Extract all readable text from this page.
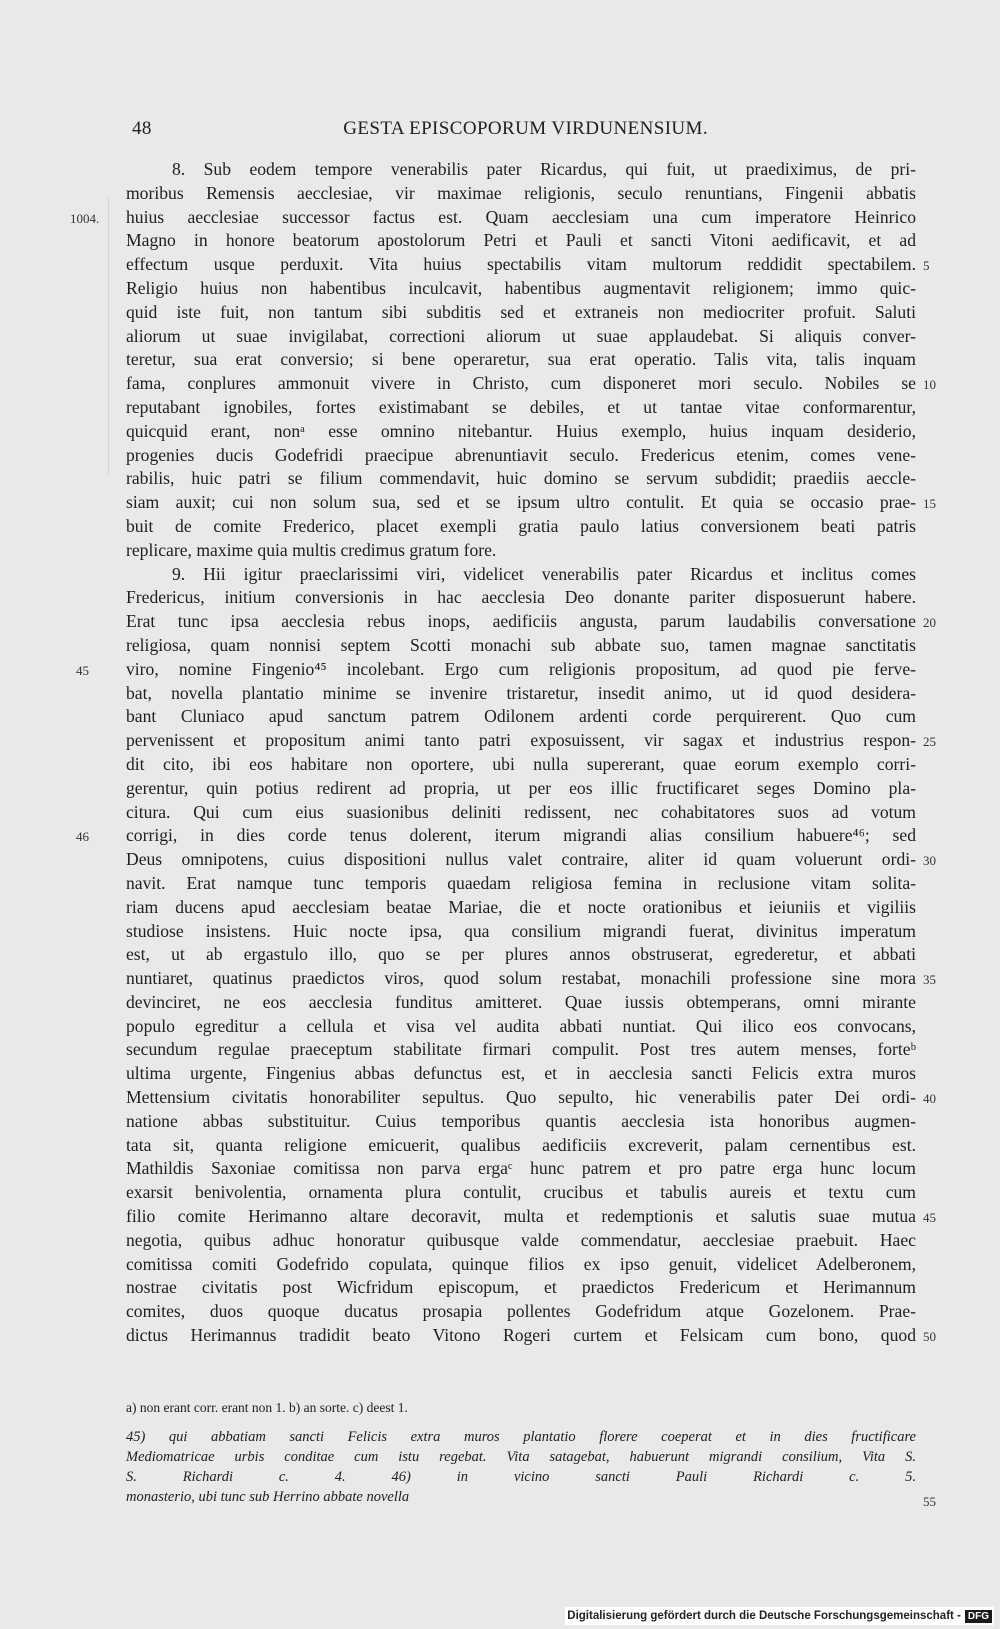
48	GESTA EPISCOPORUM VIRDUNENSIUM.
8. Sub eodem tempore venerabilis pater Ricardus, qui fuit, ut praediximus, de pri-
moribus Remensis aecclesiae, vir maximae religionis, seculo renuntians, Fingenii abbatis
huius aecclesiae successor factus est. Quam aecclesiam una cum imperatore Heinrico
1004.
Magno in honore beatorum apostolorum Petri et Pauli et sancti Vitoni aedificavit, et ad
effectum usque perduxit. Vita huius spectabilis vitam multorum reddidit spectabilem. 5
Religio huius non habentibus inculcavit, habentibus augmentavit religionem; immo quic-
quid iste fuit, non tantum sibi subditis sed et extraneis non mediocriter profuit. Saluti
aliorum ut suae invigilabat, correctioni aliorum ut suae applaudebat. Si aliquis conver-
teretur, sua erat conversio; si bene operaretur, sua erat operatio. Talis vita, talis inquam
fama, conplures ammonuit vivere in Christo, cum disponeret mori seculo. Nobiles se 10
reputabant ignobiles, fortes existimabant se debiles, et ut tantae vitae conformarentur,
quicquid erant, nonᵃ esse omnino nitebantur. Huius exemplo, huius inquam desiderio,
progenies ducis Godefridi praecipue abrenuntiavit seculo. Fredericus etenim, comes vene-
rabilis, huic patri se filium commendavit, huic domino se servum subdidit; praediis aeccle-
siam auxit; cui non solum sua, sed et se ipsum ultro contulit. Et quia se occasio prae- 15
buit de comite Frederico, placet exempli gratia paulo latius conversionem beati patris
replicare, maxime quia multis credimus gratum fore.
9. Hii igitur praeclarissimi viri, videlicet venerabilis pater Ricardus et inclitus comes
Fredericus, initium conversionis in hac aecclesia Deo donante pariter disposuerunt habere.
Erat tunc ipsa aecclesia rebus inops, aedificiis angusta, parum laudabilis conversatione 20
religiosa, quam nonnisi septem Scotti monachi sub abbate suo, tamen magnae sanctitatis
viro, nomine Fingenio⁴⁵ incolebant. Ergo cum religionis propositum, ad quod pie ferve-
45
bat, novella plantatio minime se invenire tristaretur, insedit animo, ut id quod desidera-
bant Cluniaco apud sanctum patrem Odilonem ardenti corde perquirerent. Quo cum
pervenissent et propositum animi tanto patri exposuissent, vir sagax et industrius respon- 25
dit cito, ibi eos habitare non oportere, ubi nulla supererant, quae eorum exemplo corri-
gerentur, quin potius redirent ad propria, ut per eos illic fructificaret seges Domino pla-
citura. Qui cum eius suasionibus deliniti redissent, nec cohabitatores suos ad votum
corrigi, in dies corde tenus dolerent, iterum migrandi alias consilium habuere⁴⁶; sed
46
Deus omnipotens, cuius dispositioni nullus valet contraire, aliter id quam voluerunt ordi- 30
navit. Erat namque tunc temporis quaedam religiosa femina in reclusione vitam solita-
riam ducens apud aecclesiam beatae Mariae, die et nocte orationibus et ieiuniis et vigiliis
studiose insistens. Huic nocte ipsa, qua consilium migrandi fuerat, divinitus imperatum
est, ut ab ergastulo illo, quo se per plures annos obstruserat, egrederetur, et abbati
nuntiaret, quatinus praedictos viros, quod solum restabat, monachili professione sine mora 35
devinciret, ne eos aecclesia funditus amitteret. Quae iussis obtemperans, omni mirante
populo egreditur a cellula et visa vel audita abbati nuntiat. Qui ilico eos convocans,
secundum regulae praeceptum stabilitate firmari compulit. Post tres autem menses, forteᵇ
ultima urgente, Fingenius abbas defunctus est, et in aecclesia sancti Felicis extra muros
Mettensium civitatis honorabiliter sepultus. Quo sepulto, hic venerabilis pater Dei ordi- 40
natione abbas substituitur. Cuius temporibus quantis aecclesia ista honoribus augmen-
tata sit, quanta religione emicuerit, qualibus aedificiis excreverit, palam cernentibus est.
Mathildis Saxoniae comitissa non parva ergaᶜ hunc patrem et pro patre erga hunc locum
exarsit benivolentia, ornamenta plura contulit, crucibus et tabulis aureis et textu cum
filio comite Herimanno altare decoravit, multa et redemptionis et salutis suae mutua 45
negotia, quibus adhuc honoratur quibusque valde commendatur, aecclesiae praebuit. Haec
comitissa comiti Godefrido copulata, quinque filios ex ipso genuit, videlicet Adelberonem,
nostrae civitatis post Wicfridum episcopum, et praedictos Fredericum et Herimannum
comites, duos quoque ducatus prosapia pollentes Godefridum atque Gozelonem. Prae-
dictus Herimannus tradidit beato Vitono Rogeri curtem et Felsicam cum bono, quod 50
a) non erant corr. erant non 1. b) an sorte. c) deest 1.
45) qui abbatiam sancti Felicis extra muros plantatio florere coeperat et in dies fructificare
Mediomatricae urbis conditae cum istu regebat. Vita satagebat, habuerunt migrandi consilium, Vita S.
S. Richardi c. 4. 46) in vicino sancti Pauli Richardi c. 5.
monasterio, ubi tunc sub Herrino abbate novella	55
Digitalisierung gefördert durch die Deutsche Forschungsgemeinschaft - DFG
